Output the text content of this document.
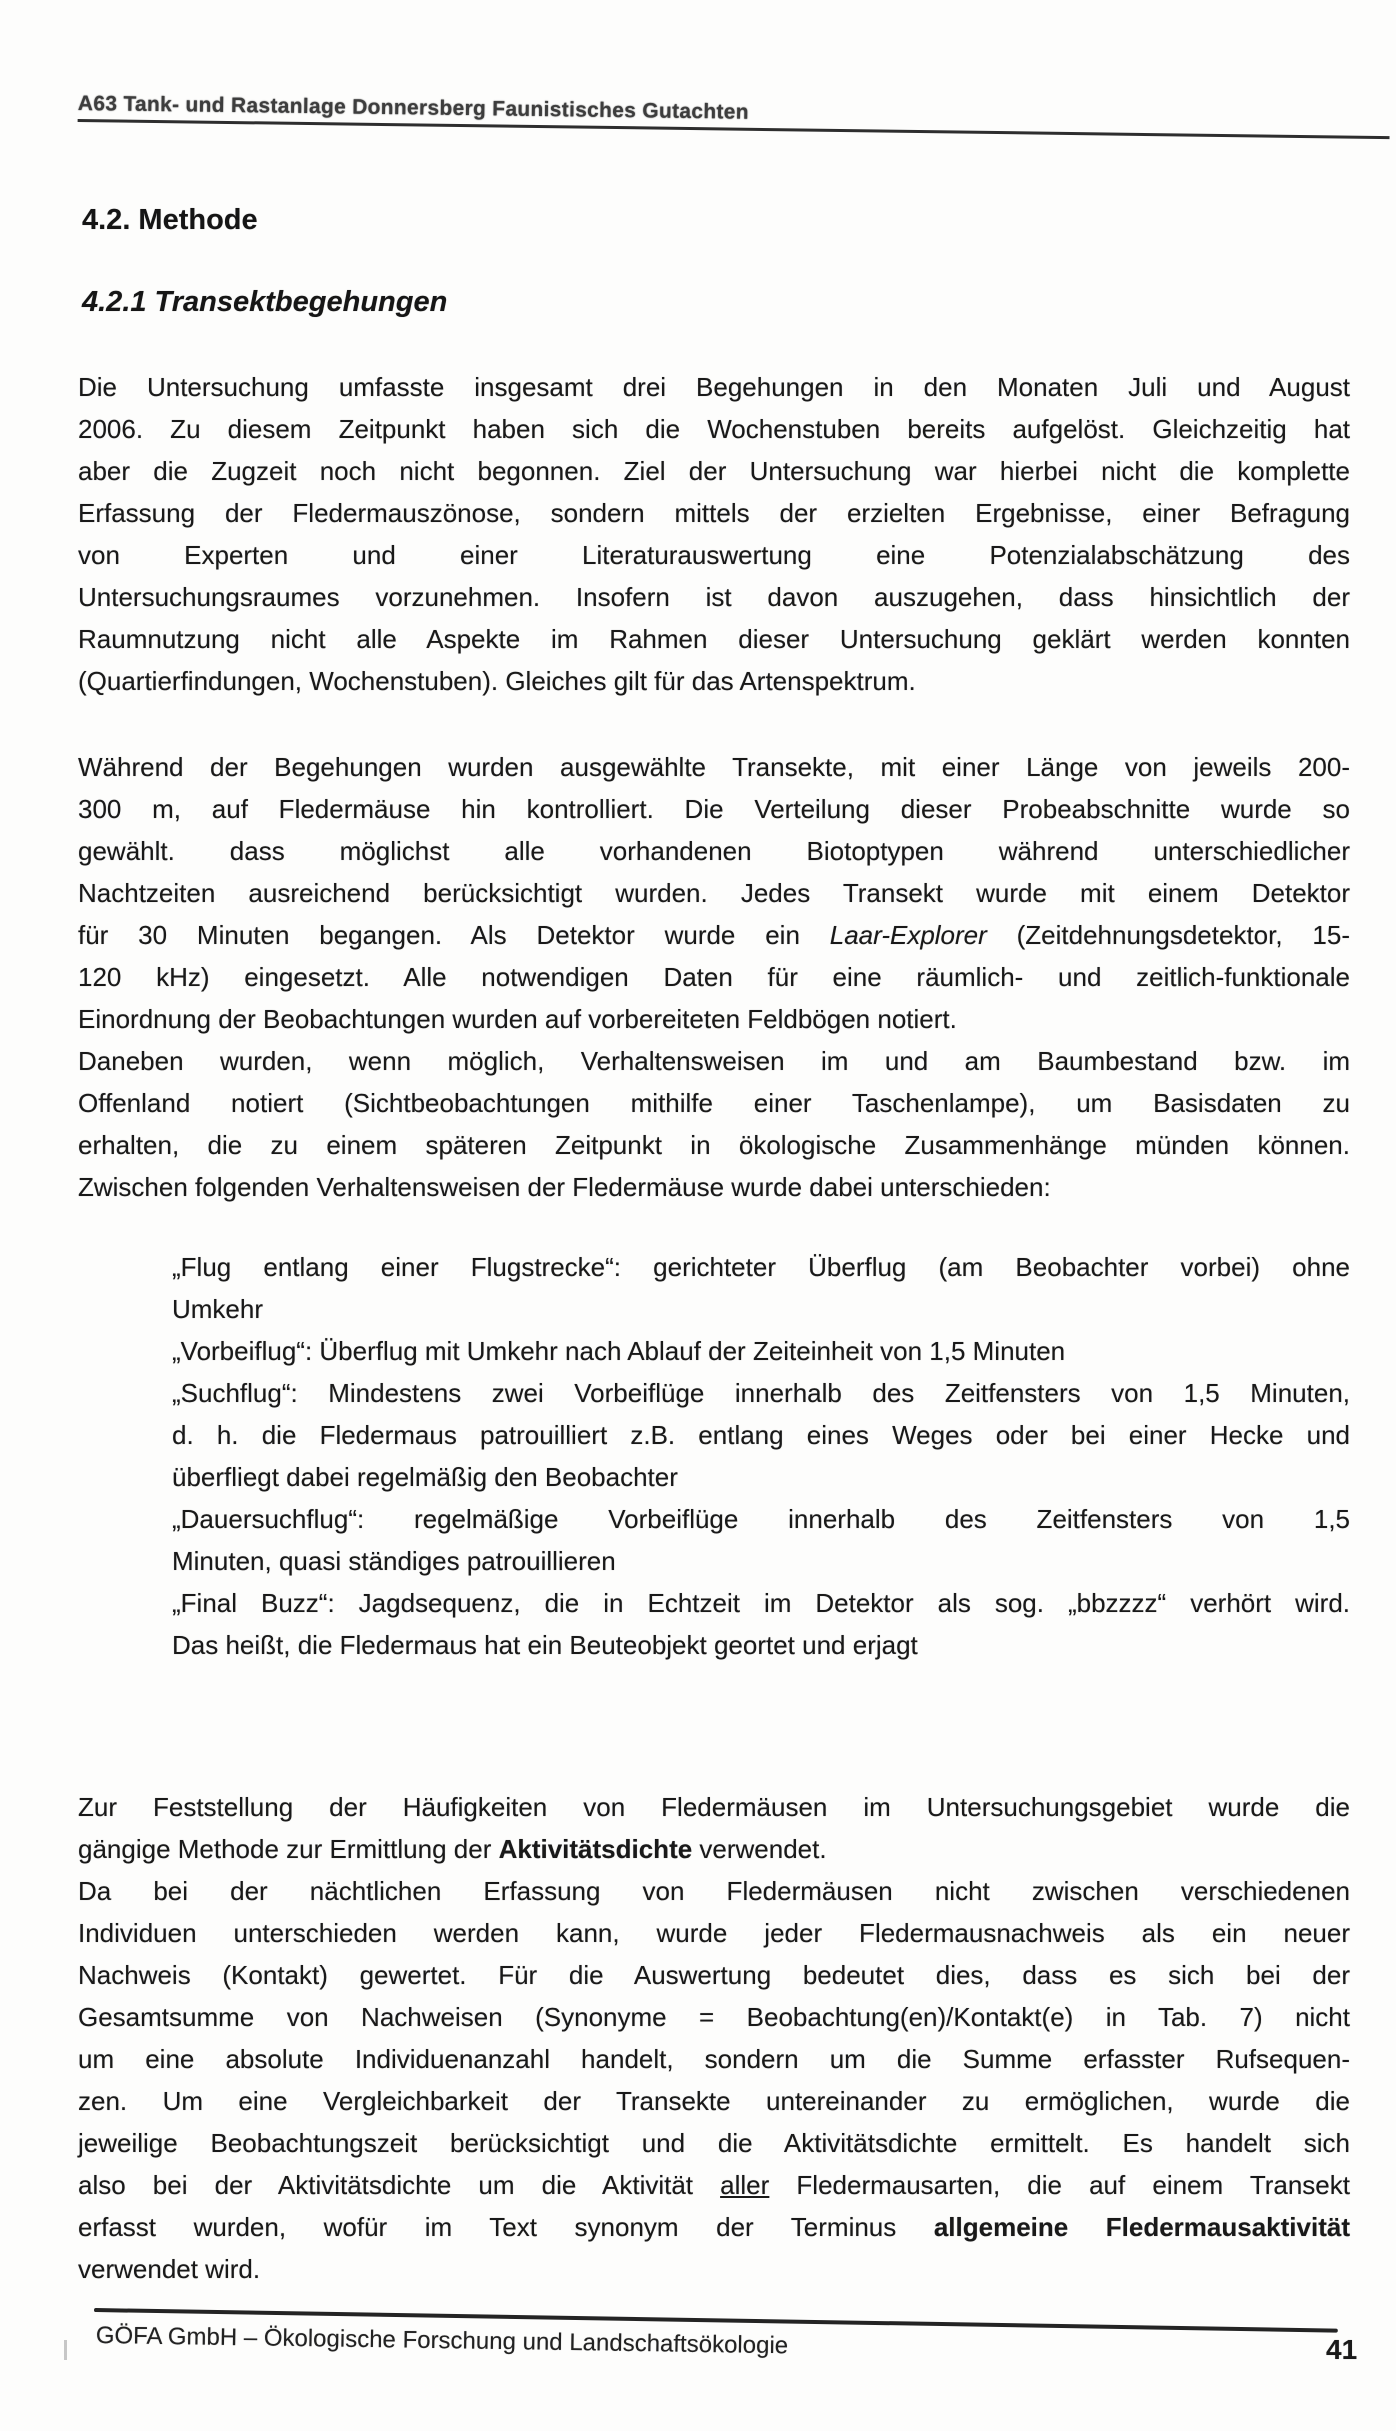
A63 Tank- und Rastanlage Donnersberg Faunistisches Gutachten
4.2. Methode
4.2.1 Transektbegehungen
Die Untersuchung umfasste insgesamt drei Begehungen in den Monaten Juli und August
2006. Zu diesem Zeitpunkt haben sich die Wochenstuben bereits aufgelöst. Gleichzeitig hat
aber die Zugzeit noch nicht begonnen. Ziel der Untersuchung war hierbei nicht die komplette
Erfassung der Fledermauszönose, sondern mittels der erzielten Ergebnisse, einer Befragung
von Experten und einer Literaturauswertung eine Potenzialabschätzung des
Untersuchungsraumes vorzunehmen. Insofern ist davon auszugehen, dass hinsichtlich der
Raumnutzung nicht alle Aspekte im Rahmen dieser Untersuchung geklärt werden konnten
(Quartierfindungen, Wochenstuben). Gleiches gilt für das Artenspektrum.
Während der Begehungen wurden ausgewählte Transekte, mit einer Länge von jeweils 200-
300 m, auf Fledermäuse hin kontrolliert. Die Verteilung dieser Probeabschnitte wurde so
gewählt. dass möglichst alle vorhandenen Biotoptypen während unterschiedlicher
Nachtzeiten ausreichend berücksichtigt wurden. Jedes Transekt wurde mit einem Detektor
für 30 Minuten begangen. Als Detektor wurde ein Laar-Explorer (Zeitdehnungsdetektor, 15-
120 kHz) eingesetzt. Alle notwendigen Daten für eine räumlich- und zeitlich-funktionale
Einordnung der Beobachtungen wurden auf vorbereiteten Feldbögen notiert.
Daneben wurden, wenn möglich, Verhaltensweisen im und am Baumbestand bzw. im
Offenland notiert (Sichtbeobachtungen mithilfe einer Taschenlampe), um Basisdaten zu
erhalten, die zu einem späteren Zeitpunkt in ökologische Zusammenhänge münden können.
Zwischen folgenden Verhaltensweisen der Fledermäuse wurde dabei unterschieden:
„Flug entlang einer Flugstrecke“: gerichteter Überflug (am Beobachter vorbei) ohne
Umkehr
„Vorbeiflug“: Überflug mit Umkehr nach Ablauf der Zeiteinheit von 1,5 Minuten
„Suchflug“: Mindestens zwei Vorbeiflüge innerhalb des Zeitfensters von 1,5 Minuten,
d. h. die Fledermaus patrouilliert z.B. entlang eines Weges oder bei einer Hecke und
überfliegt dabei regelmäßig den Beobachter
„Dauersuchflug“: regelmäßige Vorbeiflüge innerhalb des Zeitfensters von 1,5
Minuten, quasi ständiges patrouillieren
„Final Buzz“: Jagdsequenz, die in Echtzeit im Detektor als sog. „bbzzzz“ verhört wird.
Das heißt, die Fledermaus hat ein Beuteobjekt geortet und erjagt
Zur Feststellung der Häufigkeiten von Fledermäusen im Untersuchungsgebiet wurde die
gängige Methode zur Ermittlung der Aktivitätsdichte verwendet.
Da bei der nächtlichen Erfassung von Fledermäusen nicht zwischen verschiedenen
Individuen unterschieden werden kann, wurde jeder Fledermausnachweis als ein neuer
Nachweis (Kontakt) gewertet. Für die Auswertung bedeutet dies, dass es sich bei der
Gesamtsumme von Nachweisen (Synonyme = Beobachtung(en)/Kontakt(e) in Tab. 7) nicht
um eine absolute Individuenanzahl handelt, sondern um die Summe erfasster Rufsequen-
zen. Um eine Vergleichbarkeit der Transekte untereinander zu ermöglichen, wurde die
jeweilige Beobachtungszeit berücksichtigt und die Aktivitätsdichte ermittelt. Es handelt sich
also bei der Aktivitätsdichte um die Aktivität aller Fledermausarten, die auf einem Transekt
erfasst wurden, wofür im Text synonym der Terminus allgemeine Fledermausaktivität
verwendet wird.
GÖFA GmbH – Ökologische Forschung und Landschaftsökologie	41
